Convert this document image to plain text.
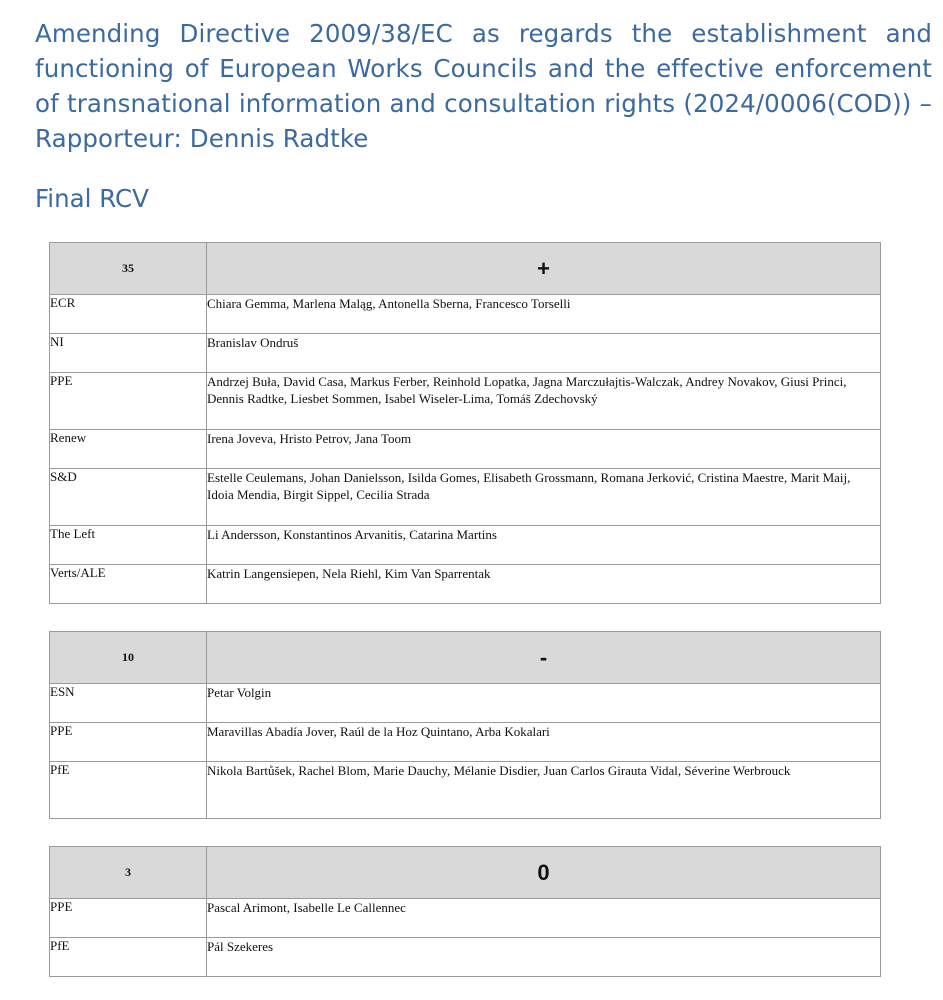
Amending Directive 2009/38/EC as regards the establishment and functioning of European Works Councils and the effective enforcement of transnational information and consultation rights (2024/0006(COD)) – Rapporteur: Dennis Radtke
Final RCV
35	+
ECR	Chiara Gemma, Marlena Maląg, Antonella Sberna, Francesco Torselli
NI	Branislav Ondruš
PPE	Andrzej Buła, David Casa, Markus Ferber, Reinhold Lopatka, Jagna Marczułajtis-Walczak, Andrey Novakov, Giusi Princi, Dennis Radtke, Liesbet Sommen, Isabel Wiseler-Lima, Tomáš Zdechovský
Renew	Irena Joveva, Hristo Petrov, Jana Toom
S&D	Estelle Ceulemans, Johan Danielsson, Isilda Gomes, Elisabeth Grossmann, Romana Jerković, Cristina Maestre, Marit Maij, Idoia Mendia, Birgit Sippel, Cecilia Strada
The Left	Li Andersson, Konstantinos Arvanitis, Catarina Martins
Verts/ALE	Katrin Langensiepen, Nela Riehl, Kim Van Sparrentak
10	-
ESN	Petar Volgin
PPE	Maravillas Abadía Jover, Raúl de la Hoz Quintano, Arba Kokalari
PfE	Nikola Bartůšek, Rachel Blom, Marie Dauchy, Mélanie Disdier, Juan Carlos Girauta Vidal, Séverine Werbrouck
3	0
PPE	Pascal Arimont, Isabelle Le Callennec
PfE	Pál Szekeres
